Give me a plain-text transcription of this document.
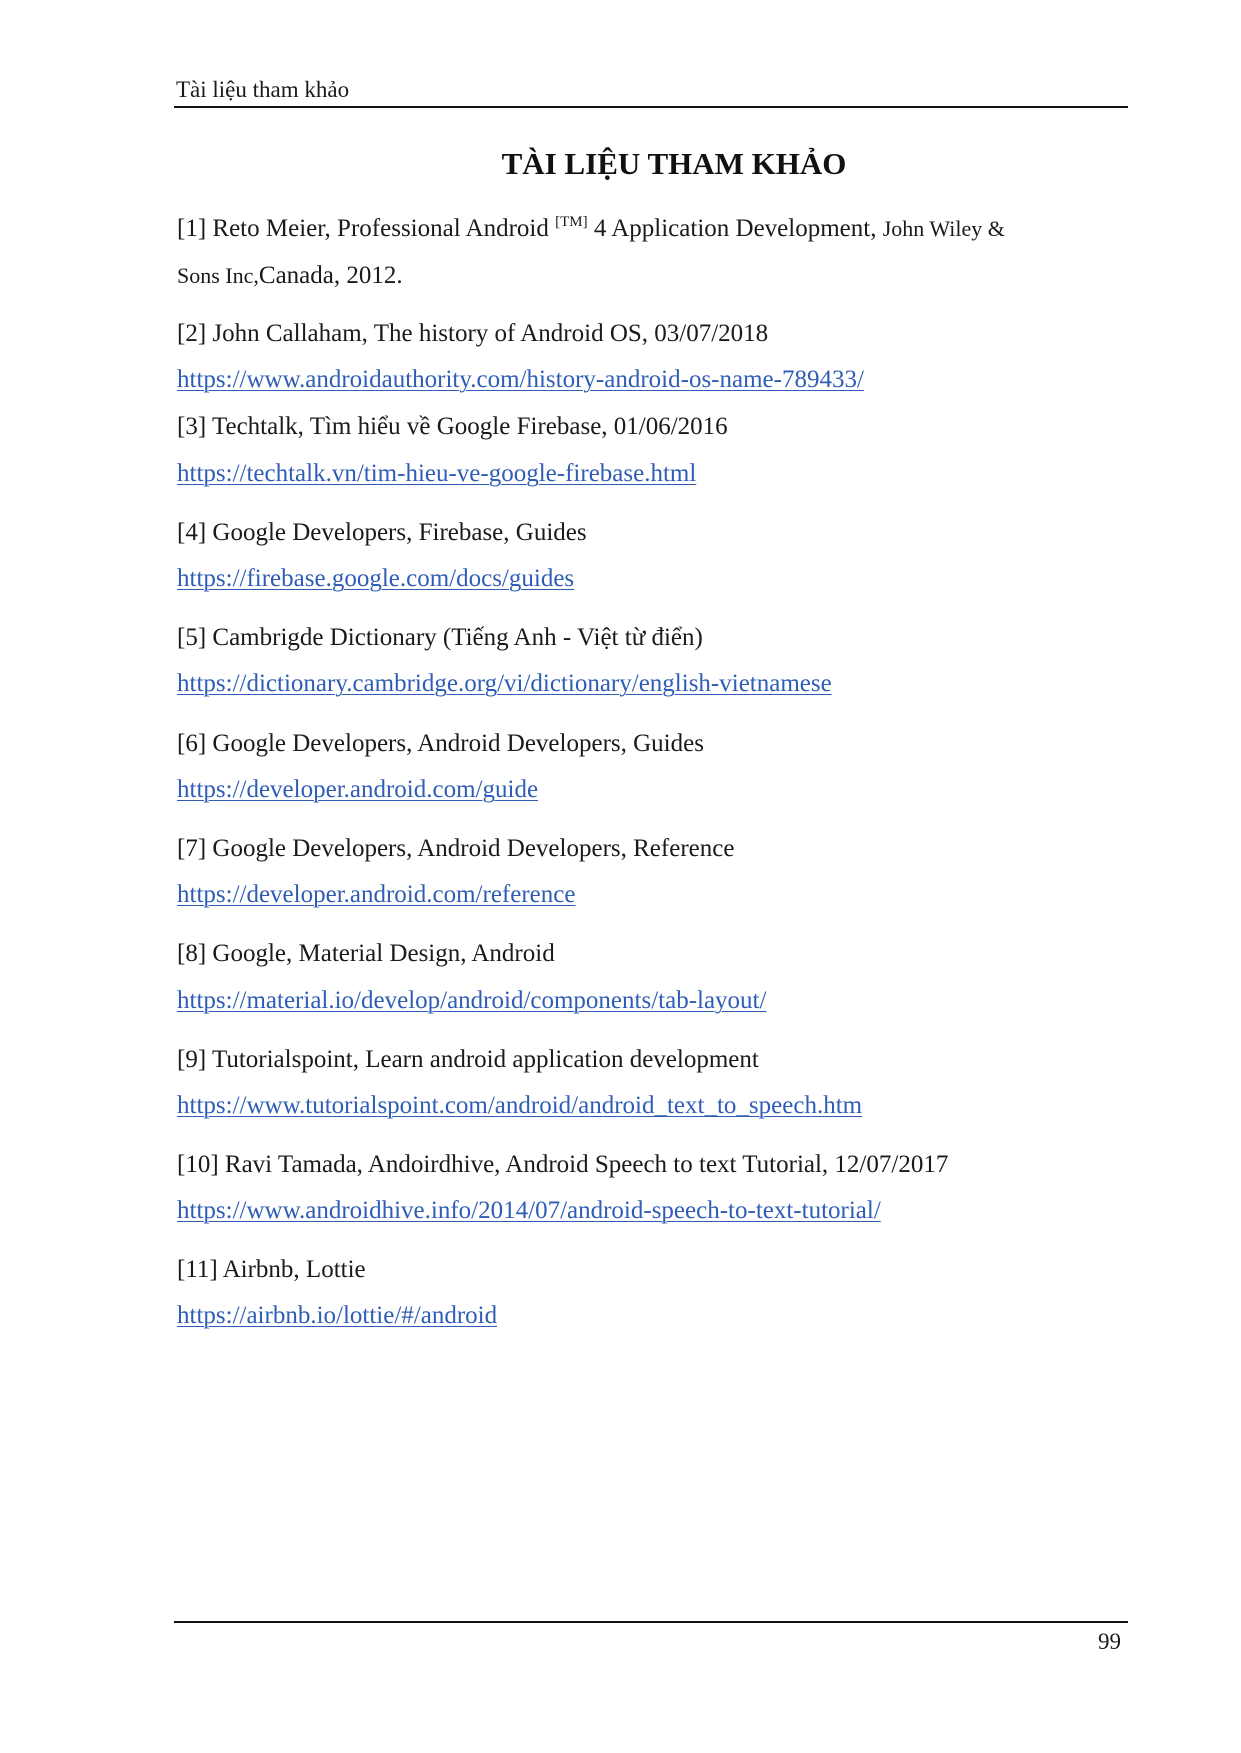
Tài liệu tham khảo
TÀI LIỆU THAM KHẢO
[1] Reto Meier, Professional Android [TM] 4 Application Development, John Wiley &
Sons Inc,Canada, 2012.
[2] John Callaham, The history of Android OS, 03/07/2018
https://www.androidauthority.com/history-android-os-name-789433/
[3] Techtalk, Tìm hiểu về Google Firebase, 01/06/2016
https://techtalk.vn/tim-hieu-ve-google-firebase.html
[4] Google Developers, Firebase, Guides
https://firebase.google.com/docs/guides
[5] Cambrigde Dictionary (Tiếng Anh - Việt từ điển)
https://dictionary.cambridge.org/vi/dictionary/english-vietnamese
[6] Google Developers, Android Developers, Guides
https://developer.android.com/guide
[7] Google Developers, Android Developers, Reference
https://developer.android.com/reference
[8] Google, Material Design, Android
https://material.io/develop/android/components/tab-layout/
[9] Tutorialspoint, Learn android application development
https://www.tutorialspoint.com/android/android_text_to_speech.htm
[10] Ravi Tamada, Andoirdhive, Android Speech to text Tutorial, 12/07/2017
https://www.androidhive.info/2014/07/android-speech-to-text-tutorial/
[11] Airbnb, Lottie
https://airbnb.io/lottie/#/android
99
